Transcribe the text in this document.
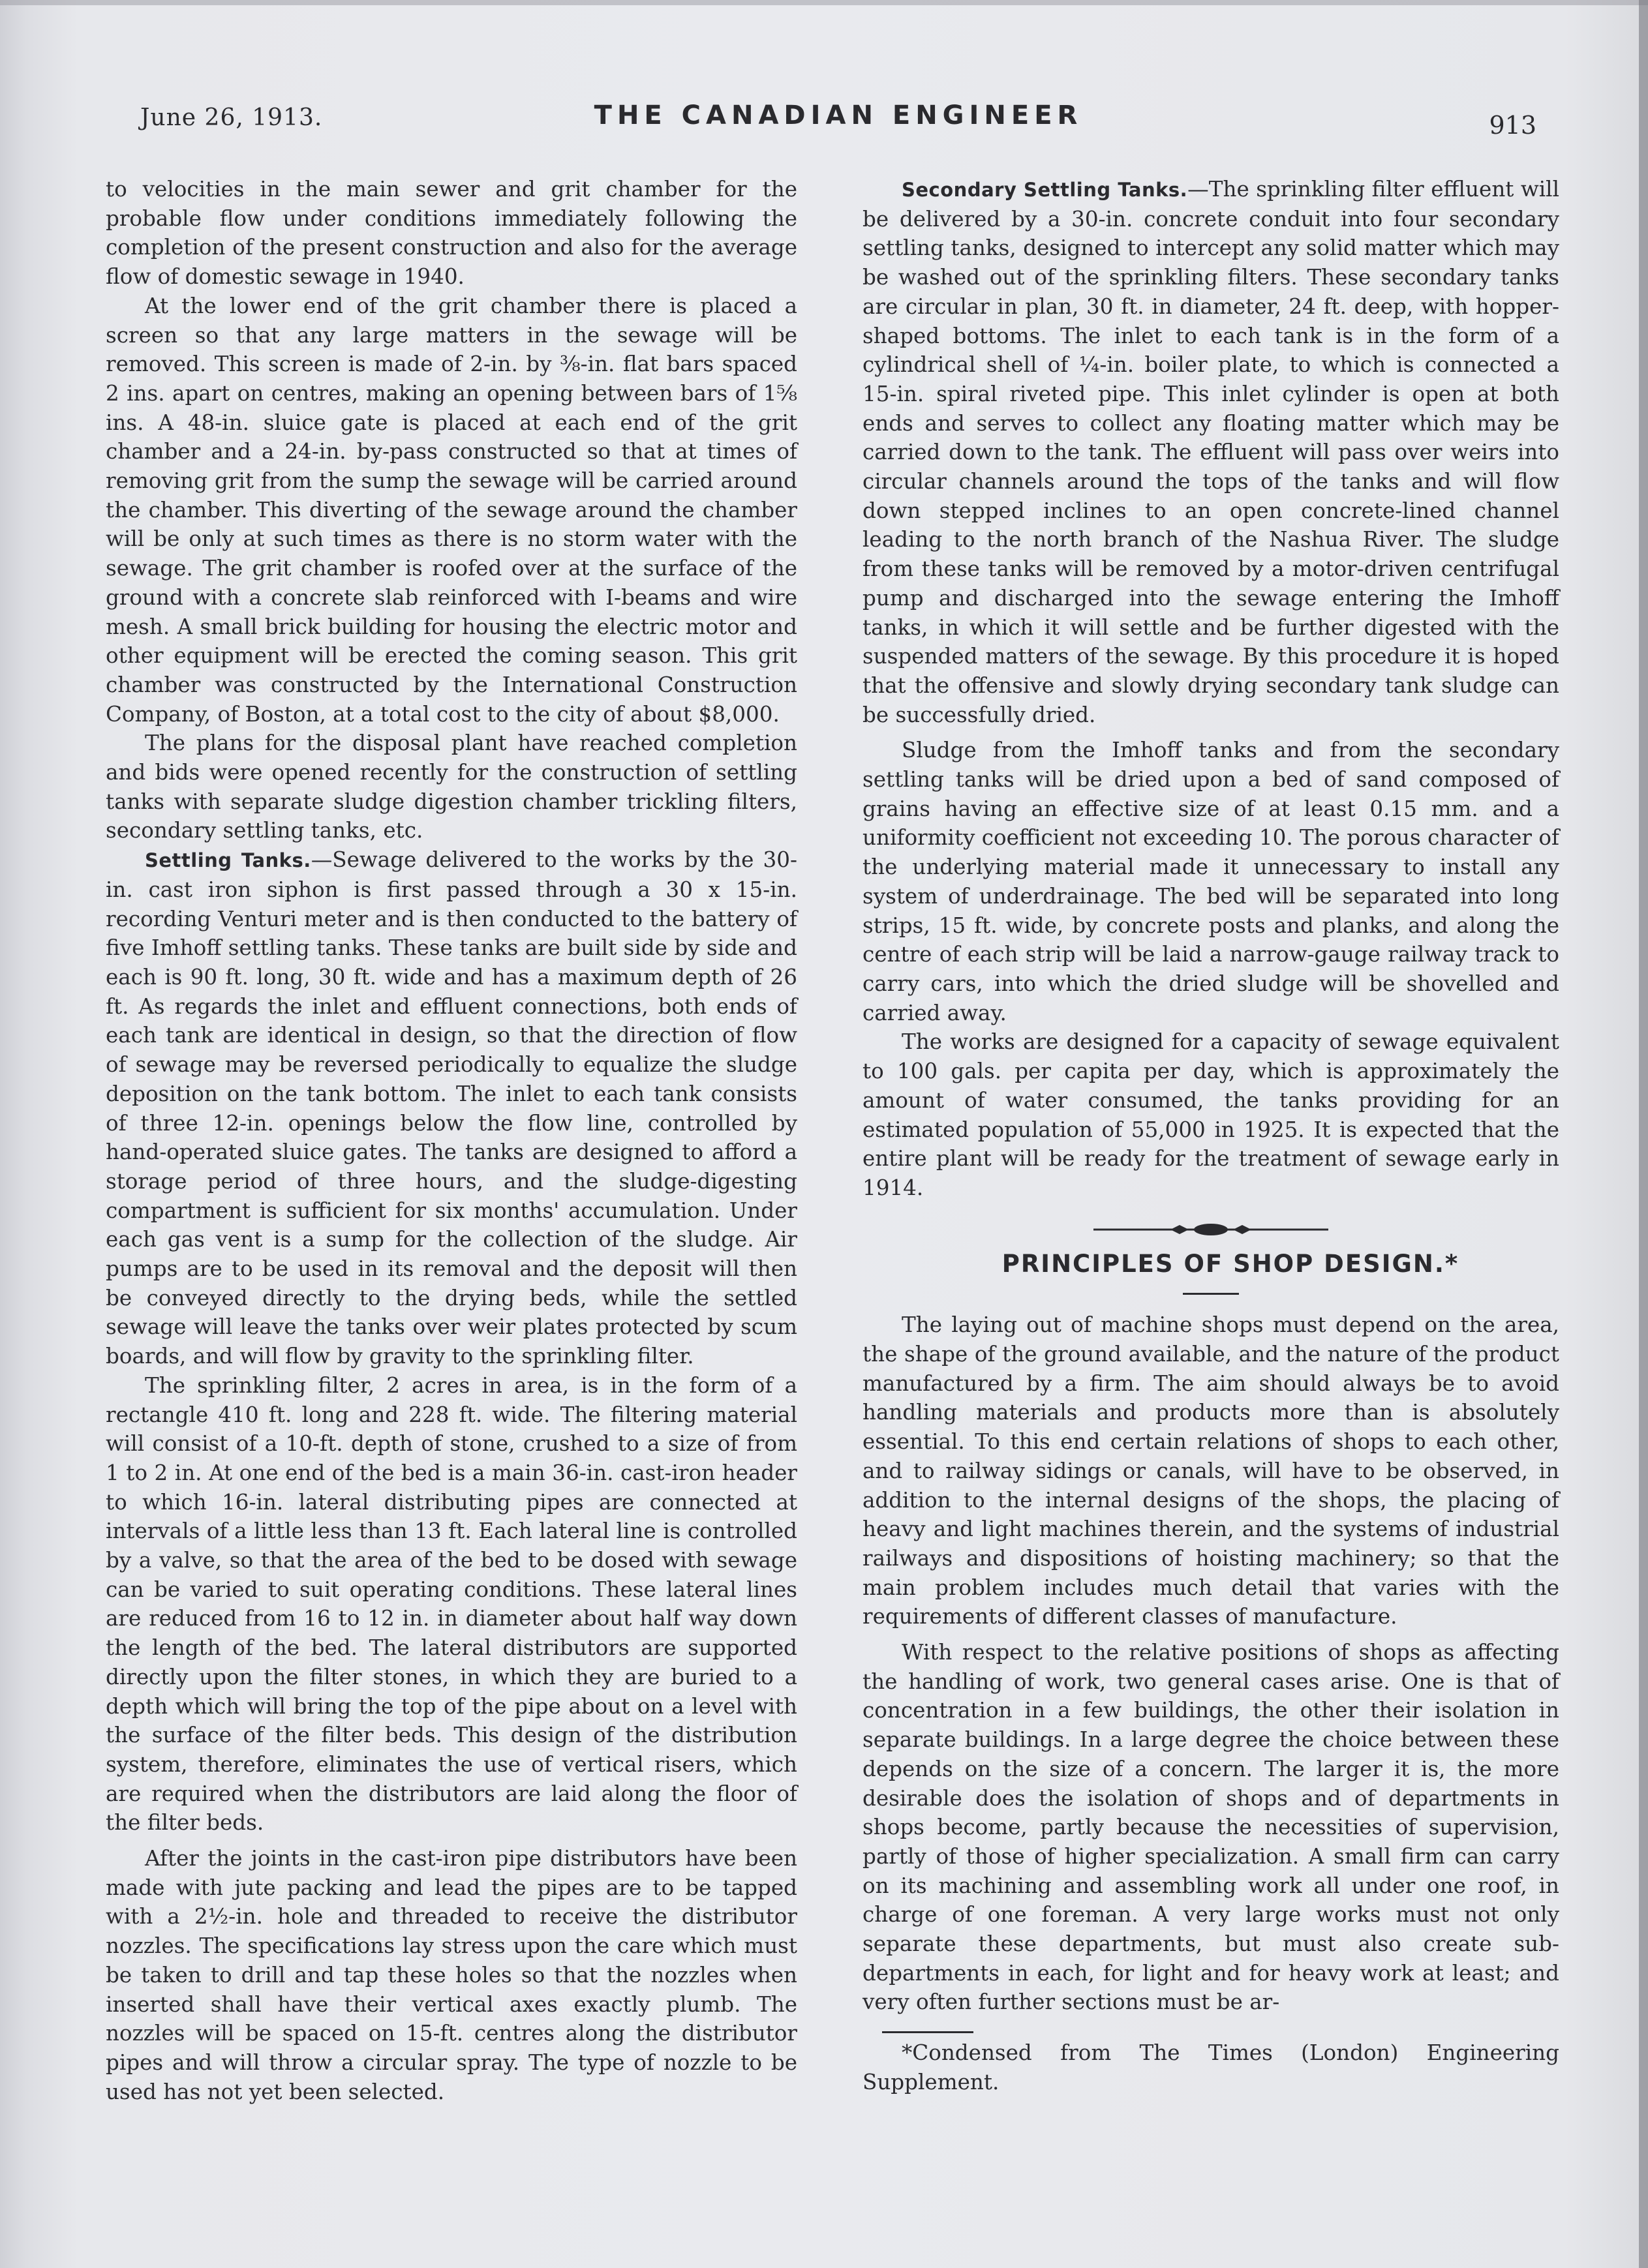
June 26, 1913.	THE CANADIAN ENGINEER	913

to velocities in the main sewer and grit chamber for the probable flow under conditions immediately following the completion of the present construction and also for the average flow of domestic sewage in 1940.

At the lower end of the grit chamber there is placed a screen so that any large matters in the sewage will be removed. This screen is made of 2-in. by ⅜-in. flat bars spaced 2 ins. apart on centres, making an opening between bars of 1⅝ ins. A 48-in. sluice gate is placed at each end of the grit chamber and a 24-in. by-pass constructed so that at times of removing grit from the sump the sewage will be carried around the chamber. This diverting of the sewage around the chamber will be only at such times as there is no storm water with the sewage. The grit chamber is roofed over at the surface of the ground with a concrete slab reinforced with I-beams and wire mesh. A small brick building for housing the electric motor and other equipment will be erected the coming season. This grit chamber was constructed by the International Construction Company, of Boston, at a total cost to the city of about $8,000.

The plans for the disposal plant have reached completion and bids were opened recently for the construction of settling tanks with separate sludge digestion chamber trickling filters, secondary settling tanks, etc.

Settling Tanks.—Sewage delivered to the works by the 30-in. cast iron siphon is first passed through a 30 x 15-in. recording Venturi meter and is then conducted to the battery of five Imhoff settling tanks. These tanks are built side by side and each is 90 ft. long, 30 ft. wide and has a maximum depth of 26 ft. As regards the inlet and effluent connections, both ends of each tank are identical in design, so that the direction of flow of sewage may be reversed periodically to equalize the sludge deposition on the tank bottom. The inlet to each tank consists of three 12-in. openings below the flow line, controlled by hand-operated sluice gates. The tanks are designed to afford a storage period of three hours, and the sludge-digesting compartment is sufficient for six months' accumulation. Under each gas vent is a sump for the collection of the sludge. Air pumps are to be used in its removal and the deposit will then be conveyed directly to the drying beds, while the settled sewage will leave the tanks over weir plates protected by scum boards, and will flow by gravity to the sprinkling filter.

The sprinkling filter, 2 acres in area, is in the form of a rectangle 410 ft. long and 228 ft. wide. The filtering material will consist of a 10-ft. depth of stone, crushed to a size of from 1 to 2 in. At one end of the bed is a main 36-in. cast-iron header to which 16-in. lateral distributing pipes are connected at intervals of a little less than 13 ft. Each lateral line is controlled by a valve, so that the area of the bed to be dosed with sewage can be varied to suit operating conditions. These lateral lines are reduced from 16 to 12 in. in diameter about half way down the length of the bed. The lateral distributors are supported directly upon the filter stones, in which they are buried to a depth which will bring the top of the pipe about on a level with the surface of the filter beds. This design of the distribution system, therefore, eliminates the use of vertical risers, which are required when the distributors are laid along the floor of the filter beds.

After the joints in the cast-iron pipe distributors have been made with jute packing and lead the pipes are to be tapped with a 2½-in. hole and threaded to receive the distributor nozzles. The specifications lay stress upon the care which must be taken to drill and tap these holes so that the nozzles when inserted shall have their vertical axes exactly plumb. The nozzles will be spaced on 15-ft. centres along the distributor pipes and will throw a circular spray. The type of nozzle to be used has not yet been selected.

Secondary Settling Tanks.—The sprinkling filter effluent will be delivered by a 30-in. concrete conduit into four secondary settling tanks, designed to intercept any solid matter which may be washed out of the sprinkling filters. These secondary tanks are circular in plan, 30 ft. in diameter, 24 ft. deep, with hopper-shaped bottoms. The inlet to each tank is in the form of a cylindrical shell of ¼-in. boiler plate, to which is connected a 15-in. spiral riveted pipe. This inlet cylinder is open at both ends and serves to collect any floating matter which may be carried down to the tank. The effluent will pass over weirs into circular channels around the tops of the tanks and will flow down stepped inclines to an open concrete-lined channel leading to the north branch of the Nashua River. The sludge from these tanks will be removed by a motor-driven centrifugal pump and discharged into the sewage entering the Imhoff tanks, in which it will settle and be further digested with the suspended matters of the sewage. By this procedure it is hoped that the offensive and slowly drying secondary tank sludge can be successfully dried.

Sludge from the Imhoff tanks and from the secondary settling tanks will be dried upon a bed of sand composed of grains having an effective size of at least 0.15 mm. and a uniformity coefficient not exceeding 10. The porous character of the underlying material made it unnecessary to install any system of underdrainage. The bed will be separated into long strips, 15 ft. wide, by concrete posts and planks, and along the centre of each strip will be laid a narrow-gauge railway track to carry cars, into which the dried sludge will be shovelled and carried away.

The works are designed for a capacity of sewage equivalent to 100 gals. per capita per day, which is approximately the amount of water consumed, the tanks providing for an estimated population of 55,000 in 1925. It is expected that the entire plant will be ready for the treatment of sewage early in 1914.

PRINCIPLES OF SHOP DESIGN.*

The laying out of machine shops must depend on the area, the shape of the ground available, and the nature of the product manufactured by a firm. The aim should always be to avoid handling materials and products more than is absolutely essential. To this end certain relations of shops to each other, and to railway sidings or canals, will have to be observed, in addition to the internal designs of the shops, the placing of heavy and light machines therein, and the systems of industrial railways and dispositions of hoisting machinery; so that the main problem includes much detail that varies with the requirements of different classes of manufacture.

With respect to the relative positions of shops as affecting the handling of work, two general cases arise. One is that of concentration in a few buildings, the other their isolation in separate buildings. In a large degree the choice between these depends on the size of a concern. The larger it is, the more desirable does the isolation of shops and of departments in shops become, partly because the necessities of supervision, partly of those of higher specialization. A small firm can carry on its machining and assembling work all under one roof, in charge of one foreman. A very large works must not only separate these departments, but must also create sub-departments in each, for light and for heavy work at least; and very often further sections must be ar-

*Condensed from The Times (London) Engineering Supplement.
